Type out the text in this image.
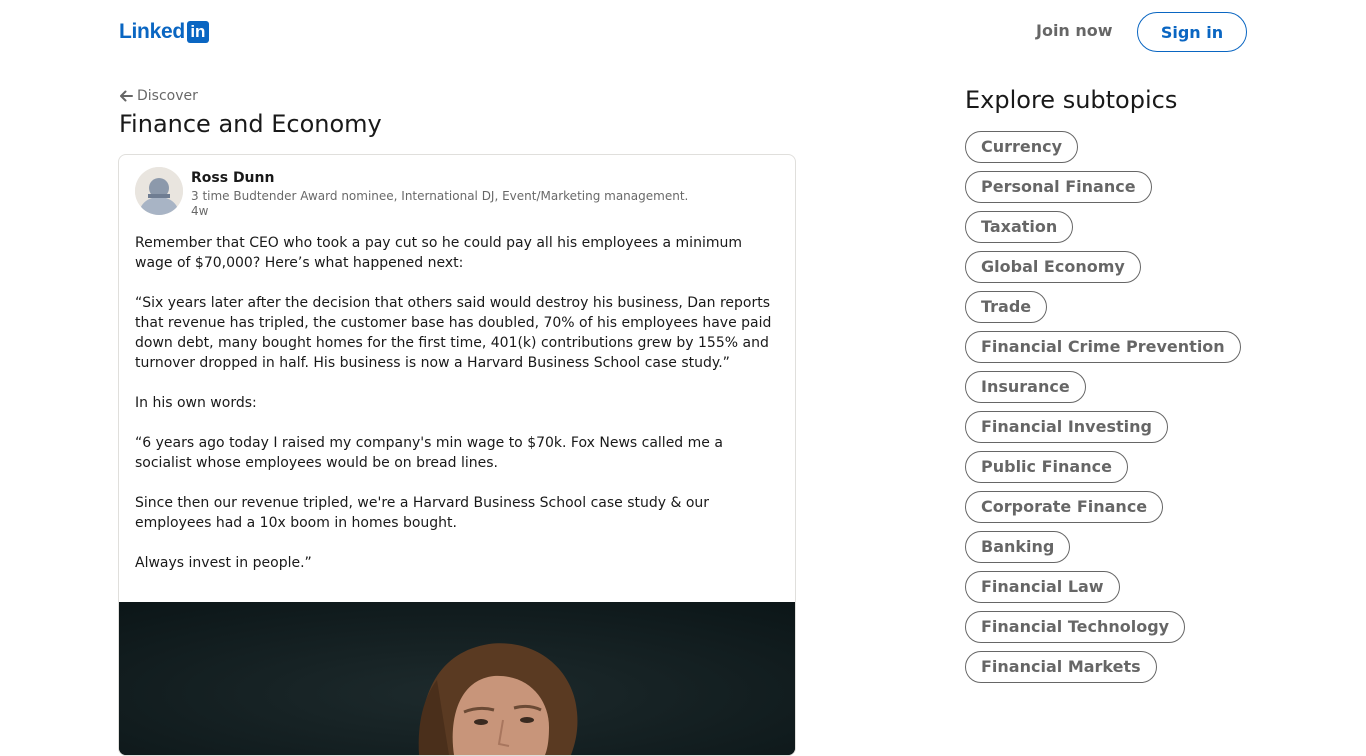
Linked in	Join now	Sign in
Discover
Finance and Economy
Ross Dunn
3 time Budtender Award nominee, International DJ, Event/Marketing management.
4w

Remember that CEO who took a pay cut so he could pay all his employees a minimum wage of $70,000? Here’s what happened next:

“Six years later after the decision that others said would destroy his business, Dan reports that revenue has tripled, the customer base has doubled, 70% of his employees have paid down debt, many bought homes for the first time, 401(k) contributions grew by 155% and turnover dropped in half. His business is now a Harvard Business School case study.”

In his own words:

“6 years ago today I raised my company's min wage to $70k. Fox News called me a socialist whose employees would be on bread lines.

Since then our revenue tripled, we're a Harvard Business School case study & our employees had a 10x boom in homes bought.

Always invest in people.”

Explore subtopics
Currency
Personal Finance
Taxation
Global Economy
Trade
Financial Crime Prevention
Insurance
Financial Investing
Public Finance
Corporate Finance
Banking
Financial Law
Financial Technology
Financial Markets
